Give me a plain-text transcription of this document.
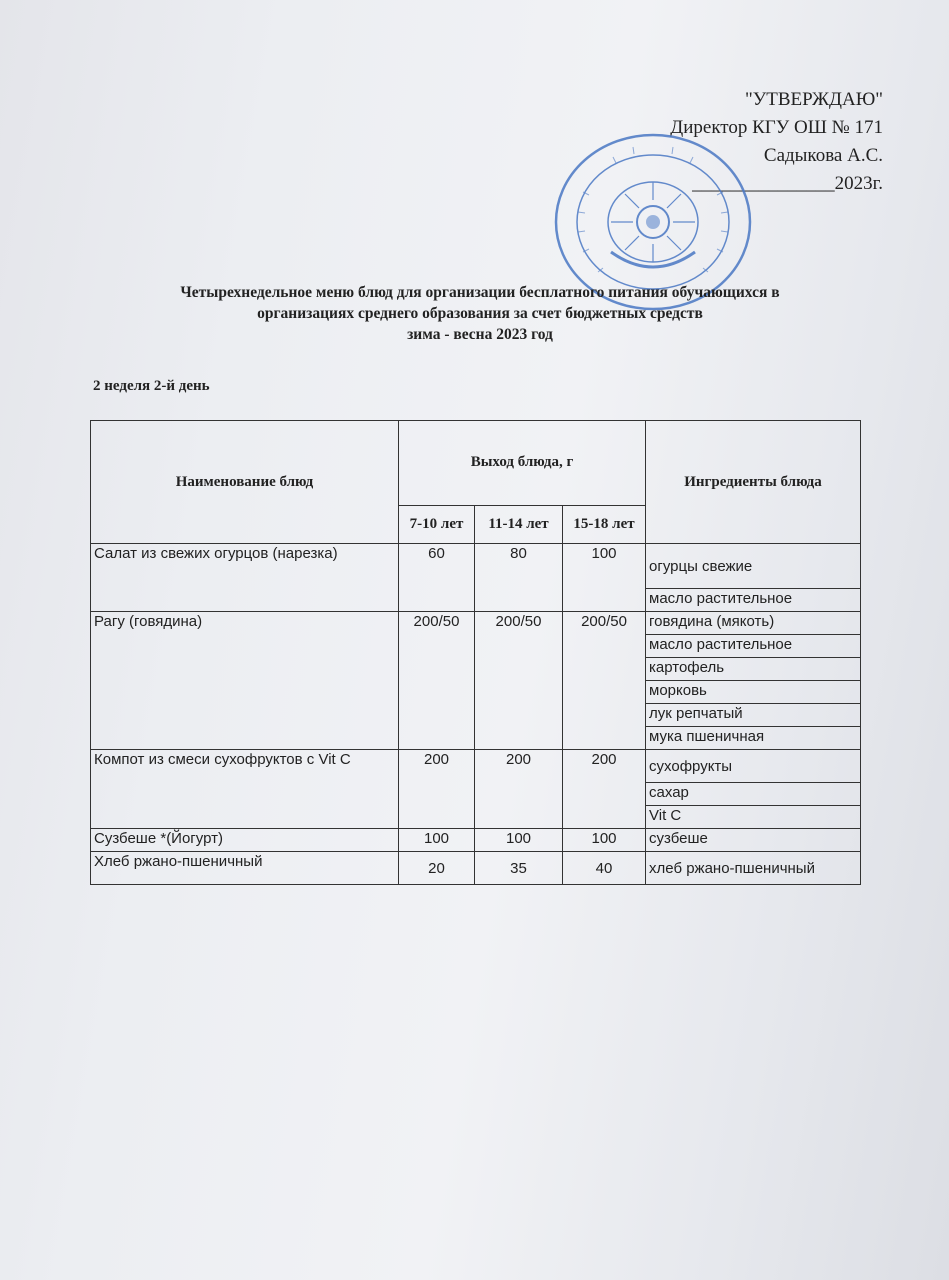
"УТВЕРЖДАЮ"
Директор КГУ ОШ № 171
Садыкова А.С.
_______________2023г.
Четырехнедельное меню блюд для организации бесплатного питания обучающихся в
организациях среднего образования за счет бюджетных средств
зима - весна 2023 год
2 неделя 2-й день
Наименование блюд	Выход блюда, г			Ингредиенты блюда
	7-10 лет	11-14 лет	15-18 лет	
Салат из свежих огурцов (нарезка)	60	80	100	огурцы свежие
				масло растительное
Рагу (говядина)	200/50	200/50	200/50	говядина (мякоть)
				масло растительное
				картофель
				морковь
				лук репчатый
				мука пшеничная
Компот из смеси сухофруктов с Vit C	200	200	200	сухофрукты
				сахар
				Vit C
Сузбеше *(Йогурт)	100	100	100	сузбеше
Хлеб ржано-пшеничный	20	35	40	хлеб ржано-пшеничный
